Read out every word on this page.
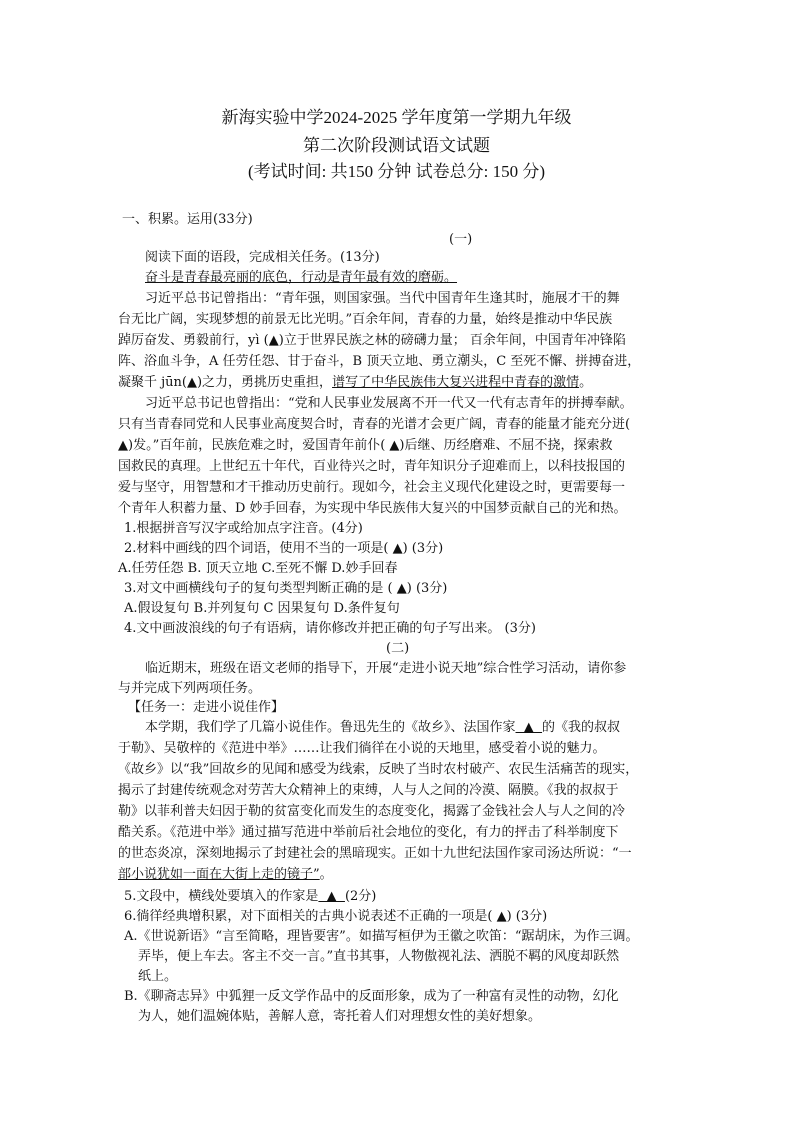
新海实验中学2024-2025 学年度第一学期九年级
第二次阶段测试语文试题
(考试时间: 共150 分钟 试卷总分: 150 分)
一、积累。运用(33分)
(一)
阅读下面的语段，完成相关任务。(13分)
奋斗是青春最亮丽的底色，行动是青年最有效的磨砺。
习近平总书记曾指出：“青年强，则国家强。当代中国青年生逢其时，施展才干的舞
台无比广阔，实现梦想的前景无比光明。”百余年间，青春的力量，始终是推动中华民族
踔厉奋发、勇毅前行，yì (▲)立于世界民族之林的磅礴力量； 百余年间，中国青年冲锋陷
阵、浴血斗争，A 任劳任怨、甘于奋斗，B 顶天立地、勇立潮头，C 至死不懈、拼搏奋进，
凝聚千 jūn(▲)之力，勇挑历史重担，谱写了中华民族伟大复兴进程中青春的激情。
习近平总书记也曾指出：“党和人民事业发展离不开一代又一代有志青年的拼搏奉献。
只有当青春同党和人民事业高度契合时，青春的光谱才会更广阔，青春的能量才能充分迸(
▲)发。”百年前，民族危难之时，爱国青年前仆( ▲)后继、历经磨难、不屈不挠，探索救
国救民的真理。上世纪五十年代，百业待兴之时，青年知识分子迎难而上，以科技报国的
爱与坚守，用智慧和才干推动历史前行。现如今，社会主义现代化建设之时，更需要每一
个青年人积蓄力量、D 妙手回春，为实现中华民族伟大复兴的中国梦贡献自己的光和热。
1.根据拼音写汉字或给加点字注音。(4分)
2.材料中画线的四个词语，使用不当的一项是( ▲) (3分)
A.任劳任怨 B. 顶天立地 C.至死不懈 D.妙手回春
3.对文中画横线句子的复句类型判断正确的是 ( ▲) (3分)
A.假设复句 B.并列复句 C 因果复句 D.条件复句
4.文中画波浪线的句子有语病，请你修改并把正确的句子写出来。 (3分)
(二)
临近期末，班级在语文老师的指导下，开展“走进小说天地”综合性学习活动，请你参
与并完成下列两项任务。
【任务一：走进小说佳作】
本学期，我们学了几篇小说佳作。鲁迅先生的《故乡》、法国作家  ▲  的《我的叔叔
于勒》、吴敬梓的《范进中举》……让我们徜徉在小说的天地里，感受着小说的魅力。
《故乡》以“我”回故乡的见闻和感受为线索，反映了当时农村破产、农民生活痛苦的现实，
揭示了封建传统观念对劳苦大众精神上的束缚，人与人之间的冷漠、隔膜。《我的叔叔于
勒》以菲利普夫妇因于勒的贫富变化而发生的态度变化，揭露了金钱社会人与人之间的冷
酷关系。《范进中举》通过描写范进中举前后社会地位的变化，有力的抨击了科举制度下
的世态炎凉，深刻地揭示了封建社会的黑暗现实。正如十九世纪法国作家司汤达所说：“一
部小说犹如一面在大街上走的镜子”。
5.文段中，横线处要填入的作家是  ▲  (2分)
6.徜徉经典增积累，对下面相关的古典小说表述不正确的一项是( ▲) (3分)
A.《世说新语》“言至简略，理皆要害”。如描写桓伊为王徽之吹笛：“踞胡床，为作三调。
弄毕，便上车去。客主不交一言。”直书其事，人物傲视礼法、洒脱不羁的风度却跃然
纸上。
B.《聊斋志异》中狐狸一反文学作品中的反面形象，成为了一种富有灵性的动物，幻化
为人，她们温婉体贴，善解人意，寄托着人们对理想女性的美好想象。
